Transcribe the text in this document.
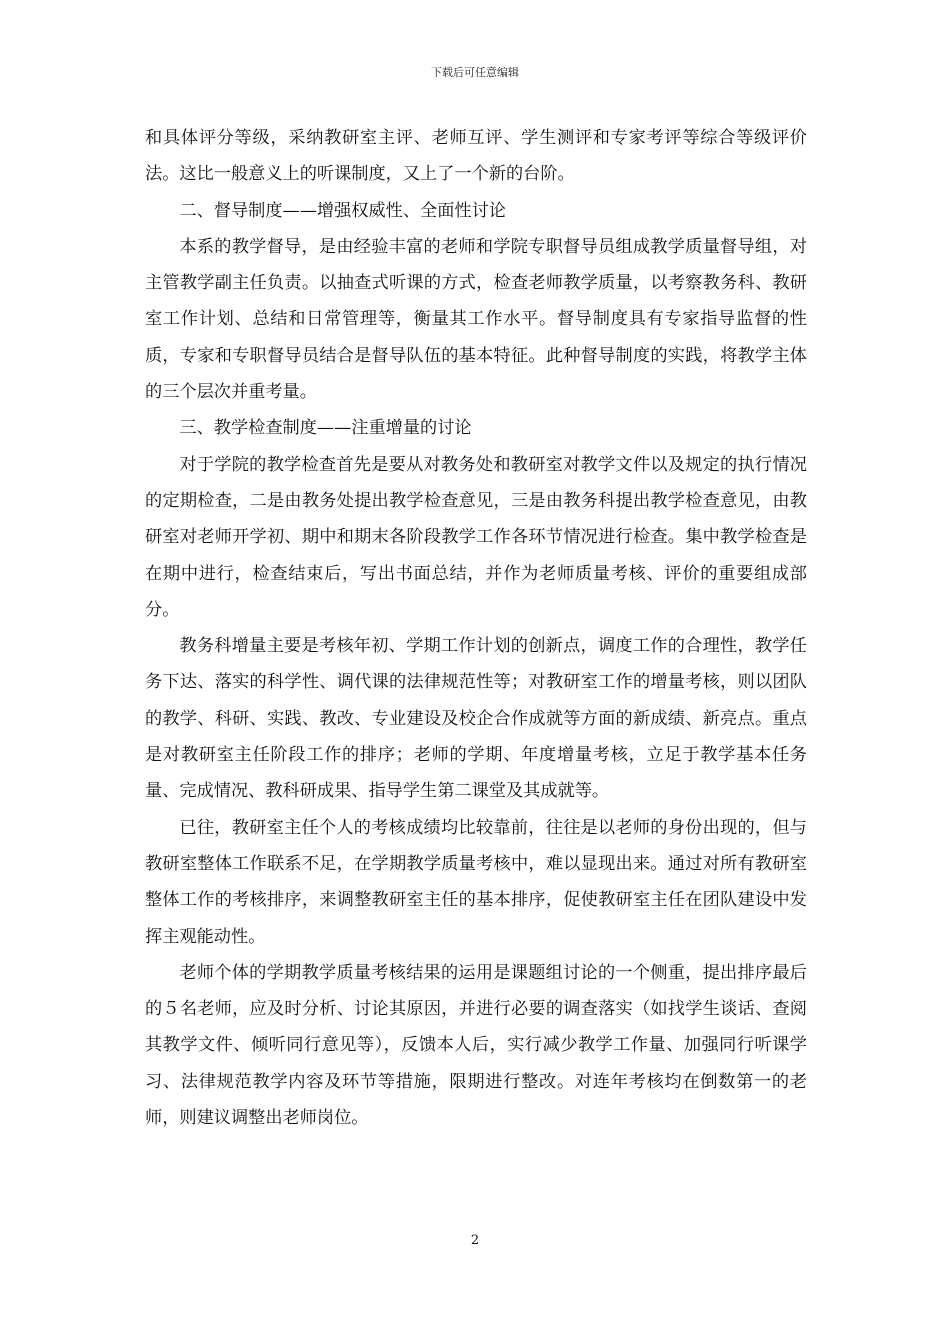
下载后可任意编辑

和具体评分等级，采纳教研室主评、老师互评、学生测评和专家考评等综合等级评价法。这比一般意义上的听课制度，又上了一个新的台阶。

二、督导制度——增强权威性、全面性讨论

本系的教学督导，是由经验丰富的老师和学院专职督导员组成教学质量督导组，对主管教学副主任负责。以抽查式听课的方式，检查老师教学质量，以考察教务科、教研室工作计划、总结和日常管理等，衡量其工作水平。督导制度具有专家指导监督的性质，专家和专职督导员结合是督导队伍的基本特征。此种督导制度的实践，将教学主体的三个层次并重考量。

三、教学检查制度——注重增量的讨论

对于学院的教学检查首先是要从对教务处和教研室对教学文件以及规定的执行情况的定期检查，二是由教务处提出教学检查意见，三是由教务科提出教学检查意见，由教研室对老师开学初、期中和期末各阶段教学工作各环节情况进行检查。集中教学检查是在期中进行，检查结束后，写出书面总结，并作为老师质量考核、评价的重要组成部分。

教务科增量主要是考核年初、学期工作计划的创新点，调度工作的合理性，教学任务下达、落实的科学性、调代课的法律规范性等；对教研室工作的增量考核，则以团队的教学、科研、实践、教改、专业建设及校企合作成就等方面的新成绩、新亮点。重点是对教研室主任阶段工作的排序；老师的学期、年度增量考核，立足于教学基本任务量、完成情况、教科研成果、指导学生第二课堂及其成就等。

已往，教研室主任个人的考核成绩均比较靠前，往往是以老师的身份出现的，但与教研室整体工作联系不足，在学期教学质量考核中，难以显现出来。通过对所有教研室整体工作的考核排序，来调整教研室主任的基本排序，促使教研室主任在团队建设中发挥主观能动性。

老师个体的学期教学质量考核结果的运用是课题组讨论的一个侧重，提出排序最后的５名老师，应及时分析、讨论其原因，并进行必要的调查落实（如找学生谈话、查阅其教学文件、倾听同行意见等），反馈本人后，实行减少教学工作量、加强同行听课学习、法律规范教学内容及环节等措施，限期进行整改。对连年考核均在倒数第一的老师，则建议调整出老师岗位。

2
